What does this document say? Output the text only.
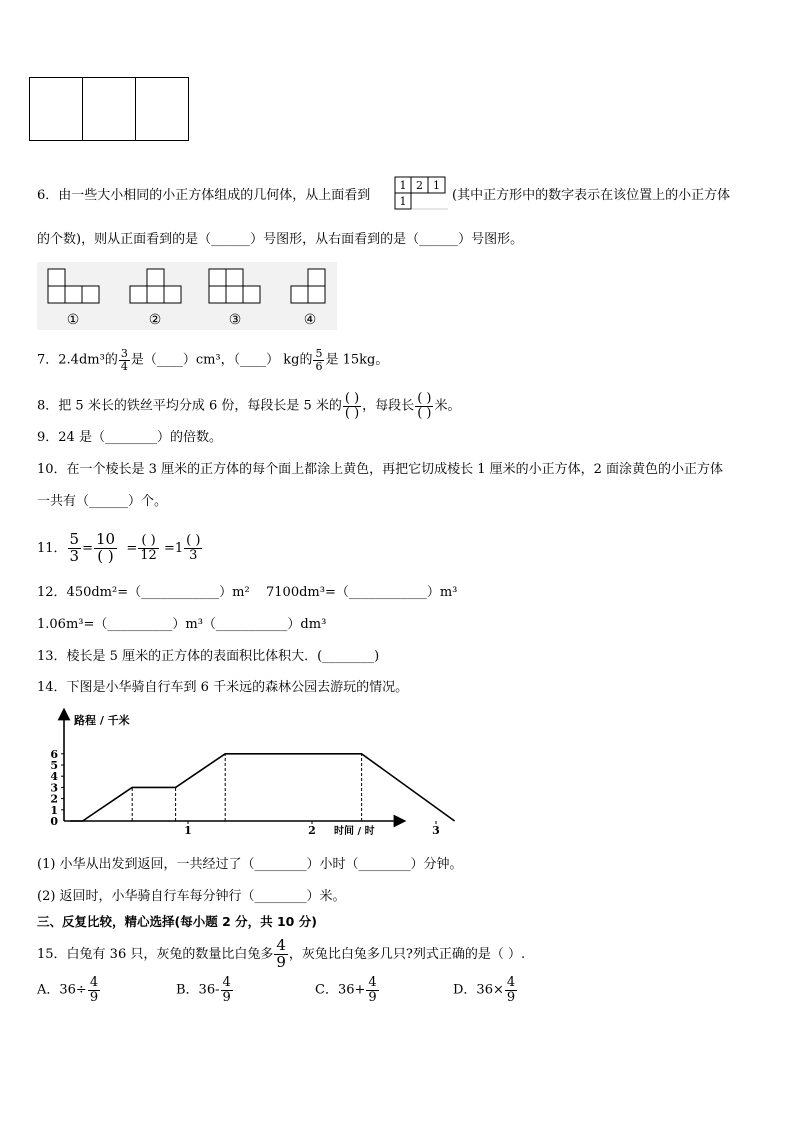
6．由一些大小相同的小正方体组成的几何体，从上面看到
1 2 1
1	(其中正方形中的数字表示在该位置上的小正方体
的个数)，则从正面看到的是（______）号图形，从右面看到的是（______）号图形。
①	②	③	④
7．2.4dm³的 $\frac{3}{4}$ 是（____）cm³，（____） kg的 $\frac{5}{6}$ 是 15kg。
8．把 5 米长的铁丝平均分成 6 份，每段长是 5 米的 $\frac{( )}{( )}$ ，每段长 $\frac{( )}{( )}$ 米。
9．24 是（________）的倍数。
10．在一个棱长是 3 厘米的正方体的每个面上都涂上黄色，再把它切成棱长 1 厘米的小正方体，2 面涂黄色的小正方体
一共有（______）个。
11． $\frac{5}{3} = \frac{10}{( )} = \frac{( )}{12} =1 \frac{( )}{3}$
12．450dm²=（____________）m² 7100dm³=（____________）m³
1.06m³=（__________）m³（___________）dm³
13．棱长是 5 厘米的正方体的表面积比体积大．(________)
14．下图是小华骑自行车到 6 千米远的森林公园去游玩的情况。
路程 / 千米
时间 / 时
0
1
2
3
4
5
6
1	2	3
(1) 小华从出发到返回，一共经过了（________）小时（________）分钟。
(2) 返回时，小华骑自行车每分钟行（________）米。
三、反复比较，精心选择(每小题 2 分，共 10 分)
15．白兔有 36 只，灰兔的数量比白兔多 $\frac{4}{9}$ ，灰兔比白兔多几只?列式正确的是（ ）.
A．$36\div \frac{4}{9}$	B．$36- \frac{4}{9}$	C．$36+ \frac{4}{9}$	D．$36\times \frac{4}{9}$
